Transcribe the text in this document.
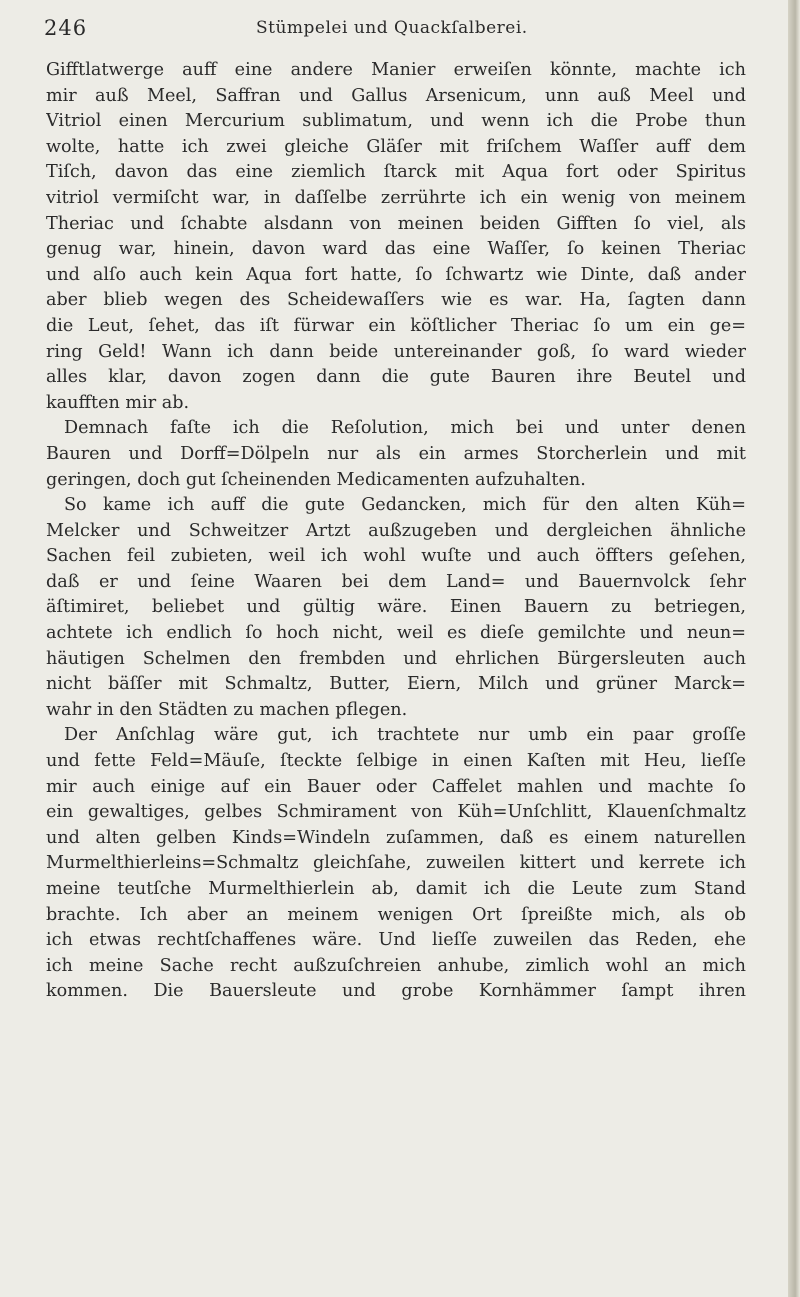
246	Stümpelei und Quackſalberei.
Gifftlatwerge auff eine andere Manier erweiſen könnte, machte ich
mir auß Meel, Saffran und Gallus Arsenicum, unn auß Meel und
Vitriol einen Mercurium sublimatum, und wenn ich die Probe thun
wolte, hatte ich zwei gleiche Gläſer mit friſchem Waſſer auff dem
Tiſch, davon das eine ziemlich ſtarck mit Aqua fort oder Spiritus
vitriol vermiſcht war, in daſſelbe zerrührte ich ein wenig von meinem
Theriac und ſchabte alsdann von meinen beiden Gifften ſo viel, als
genug war, hinein, davon ward das eine Waſſer, ſo keinen Theriac
und alſo auch kein Aqua fort hatte, ſo ſchwartz wie Dinte, daß ander
aber blieb wegen des Scheidewaſſers wie es war. Ha, ſagten dann
die Leut, ſehet, das iſt fürwar ein köſtlicher Theriac ſo um ein ge=
ring Geld! Wann ich dann beide untereinander goß, ſo ward wieder
alles klar, davon zogen dann die gute Bauren ihre Beutel und
kaufften mir ab.
Demnach faſte ich die Reſolution, mich bei und unter denen
Bauren und Dorff=Dölpeln nur als ein armes Storcherlein und mit
geringen, doch gut ſcheinenden Medicamenten aufzuhalten.
So kame ich auff die gute Gedancken, mich für den alten Küh=
Melcker und Schweitzer Artzt außzugeben und dergleichen ähnliche
Sachen feil zubieten, weil ich wohl wuſte und auch öffters geſehen,
daß er und ſeine Waaren bei dem Land= und Bauernvolck ſehr
äſtimiret, beliebet und gültig wäre. Einen Bauern zu betriegen,
achtete ich endlich ſo hoch nicht, weil es dieſe gemilchte und neun=
häutigen Schelmen den frembden und ehrlichen Bürgersleuten auch
nicht bäſſer mit Schmaltz, Butter, Eiern, Milch und grüner Marck=
wahr in den Städten zu machen pflegen.
Der Anſchlag wäre gut, ich trachtete nur umb ein paar groſſe
und fette Feld=Mäuſe, ſteckte ſelbige in einen Kaſten mit Heu, lieſſe
mir auch einige auf ein Bauer oder Caffelet mahlen und machte ſo
ein gewaltiges, gelbes Schmirament von Küh=Unſchlitt, Klauenſchmaltz
und alten gelben Kinds=Windeln zuſammen, daß es einem naturellen
Murmelthierleins=Schmaltz gleichſahe, zuweilen kittert und kerrete ich
meine teutſche Murmelthierlein ab, damit ich die Leute zum Stand
brachte. Ich aber an meinem wenigen Ort ſpreißte mich, als ob
ich etwas rechtſchaffenes wäre. Und lieſſe zuweilen das Reden, ehe
ich meine Sache recht außzuſchreien anhube, zimlich wohl an mich
kommen. Die Bauersleute und grobe Kornhämmer ſampt ihren
